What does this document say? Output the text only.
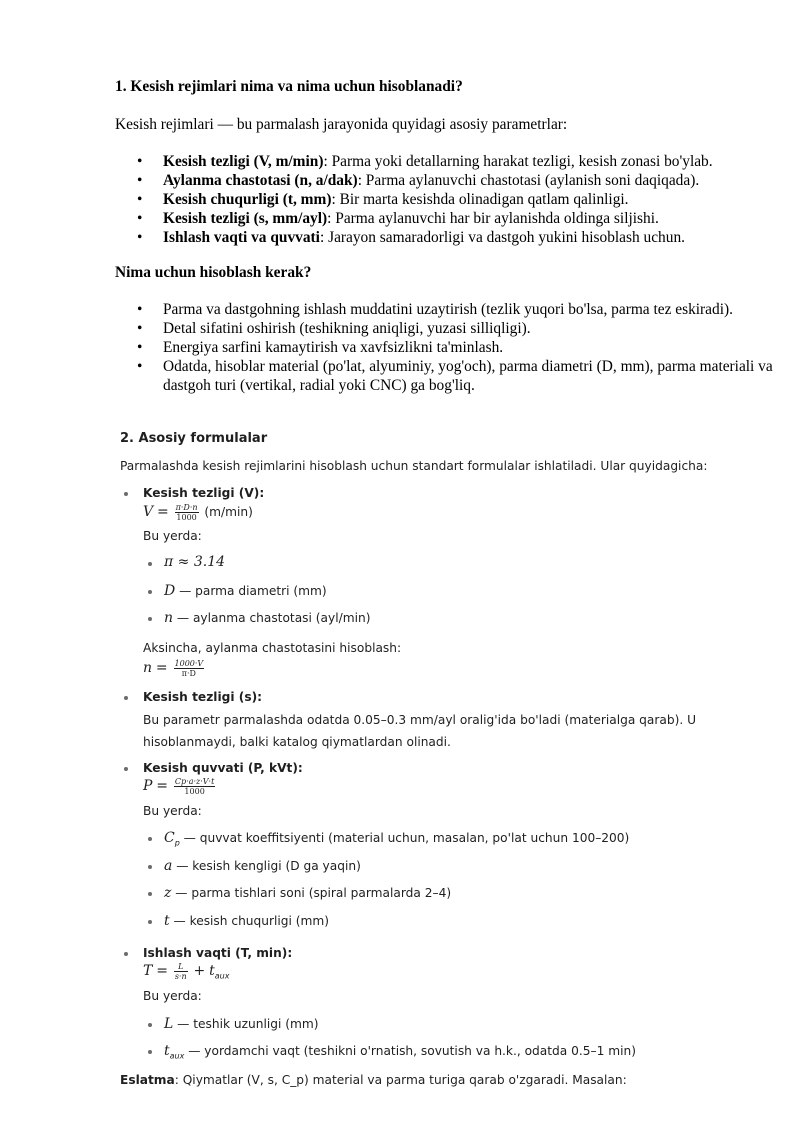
1. Kesish rejimlari nima va nima uchun hisoblanadi?
Kesish rejimlari — bu parmalash jarayonida quyidagi asosiy parametrlar:
• Kesish tezligi (V, m/min): Parma yoki detallarning harakat tezligi, kesish zonasi bo'ylab.
• Aylanma chastotasi (n, a/dak): Parma aylanuvchi chastotasi (aylanish soni daqiqada).
• Kesish chuqurligi (t, mm): Bir marta kesishda olinadigan qatlam qalinligi.
• Kesish tezligi (s, mm/ayl): Parma aylanuvchi har bir aylanishda oldinga siljishi.
• Ishlash vaqti va quvvati: Jarayon samaradorligi va dastgoh yukini hisoblash uchun.
Nima uchun hisoblash kerak?
• Parma va dastgohning ishlash muddatini uzaytirish (tezlik yuqori bo'lsa, parma tez eskiradi).
• Detal sifatini oshirish (teshikning aniqligi, yuzasi silliqligi).
• Energiya sarfini kamaytirish va xavfsizlikni ta'minlash.
• Odatda, hisoblar material (po'lat, alyuminiy, yog'och), parma diametri (D, mm), parma materiali va dastgoh turi (vertikal, radial yoki CNC) ga bog'liq.
2. Asosiy formulalar
Parmalashda kesish rejimlarini hisoblash uchun standart formulalar ishlatiladi. Ular quyidagicha:
Kesish tezligi (V):
$V = \frac{\pi\cdot D\cdot n}{1000} (m/\min)$
Bu yerda:
π ≈ 3.14
D — parma diametri (mm)
n — aylanma chastotasi (ayl/min)
Aksincha, aylanma chastotasini hisoblash:
$n = \frac{1000\cdot V}{\pi\cdot D}$
Kesish tezligi (s):
Bu parametr parmalashda odatda 0.05–0.3 mm/ayl oralig'ida bo'ladi (materialga qarab). U
hisoblanmaydi, balki katalog qiymatlardan olinadi.
Kesish quvvati (P, kVt):
$P = \frac{Cp\cdot a\cdot z\cdot V\cdot t}{1000}$
Bu yerda:
$C_p$ — quvvat koeffitsiyenti (material uchun, masalan, po'lat uchun 100–200)
a — kesish kengligi (D ga yaqin)
z — parma tishlari soni (spiral parmalarda 2–4)
t — kesish chuqurligi (mm)
Ishlash vaqti (T, min):
$T = \frac{L}{s\cdot n} + t_{aux}$
Bu yerda:
L — teshik uzunligi (mm)
$t_{aux}$ — yordamchi vaqt (teshikni o'rnatish, sovutish va h.k., odatda 0.5–1 min)
Eslatma: Qiymatlar (V, s, C_p) material va parma turiga qarab o'zgaradi. Masalan:
